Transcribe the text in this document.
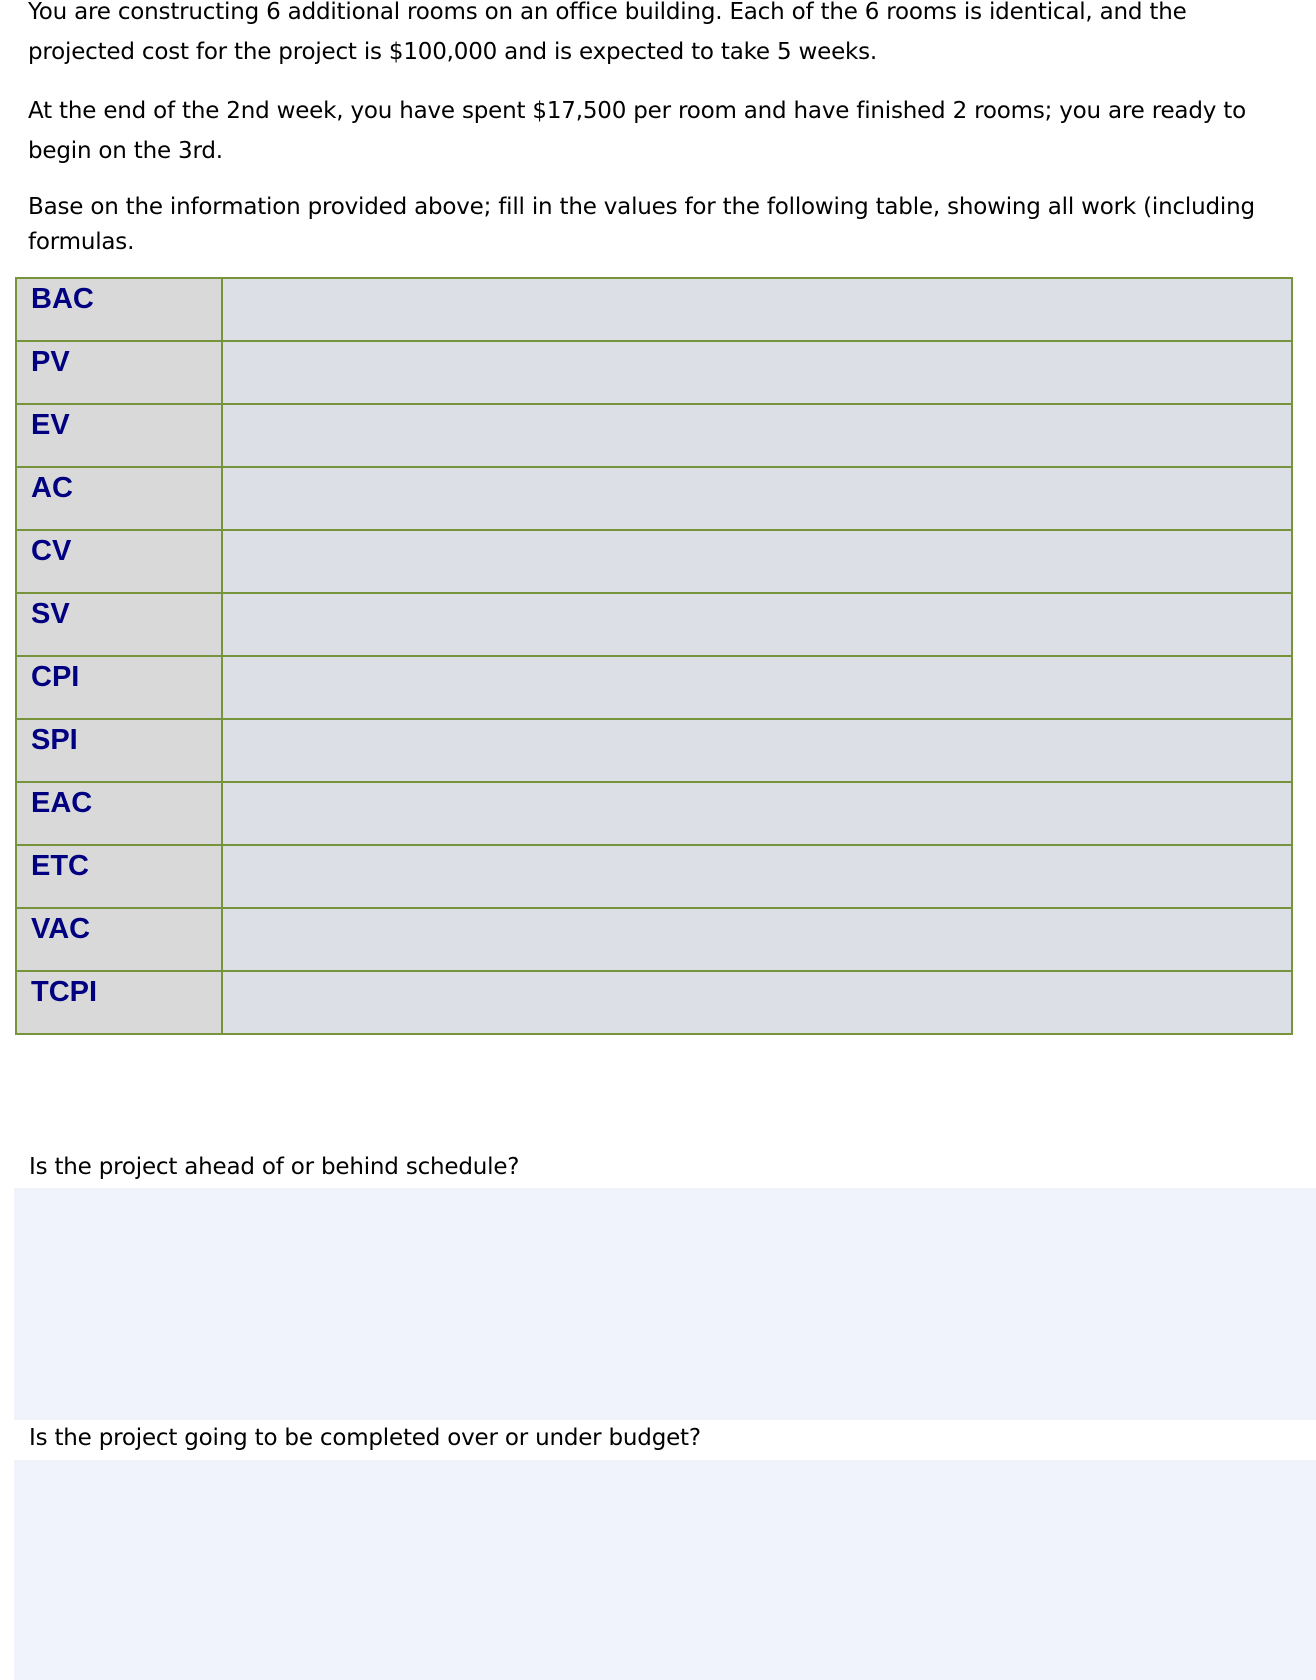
You are constructing 6 additional rooms on an office building. Each of the 6 rooms is identical, and the projected cost for the project is $100,000 and is expected to take 5 weeks.

At the end of the 2nd week, you have spent $17,500 per room and have finished 2 rooms; you are ready to begin on the 3rd.

Base on the information provided above; fill in the values for the following table, showing all work (including formulas.

BAC	

PV	

EV	

AC	

CV	

SV	

CPI	

SPI	

EAC	

ETC	

VAC	

TCPI	

Is the project ahead of or behind schedule?

Is the project going to be completed over or under budget?
